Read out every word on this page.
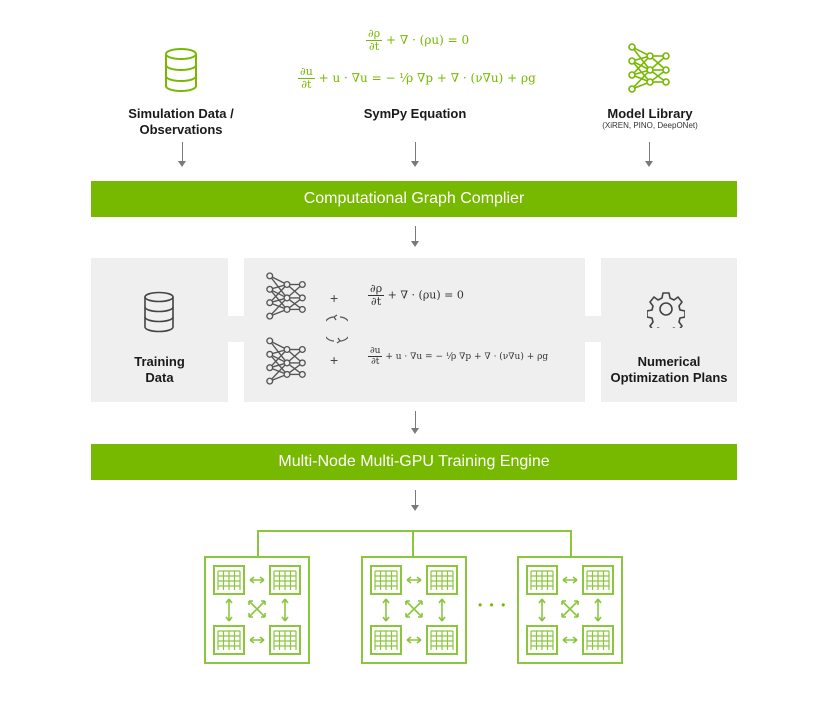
Simulation Data /
Observations
$\frac{\partial\rho}{\partial t}$ + ∇ · (ρu) = 0
$\frac{\partial u}{\partial t} + u \cdot \nabla u$ = − ¹⁄ρ ∇p + ∇ · (ν∇u) + ρg
SymPy Equation	Model Library
(XiREN, PINO, DeepONet)
Computational Graph Complier
Training
Data
+
+
$\frac{\partial\rho}{\partial t}$ + ∇ · (ρu) = 0
$\frac{\partial u}{\partial t} + u \cdot \nabla u$ = − ¹⁄ρ ∇p + ∇ · (ν∇u) + ρg	Numerical
Optimization Plans
Multi-Node Multi-GPU Training Engine
• • •
